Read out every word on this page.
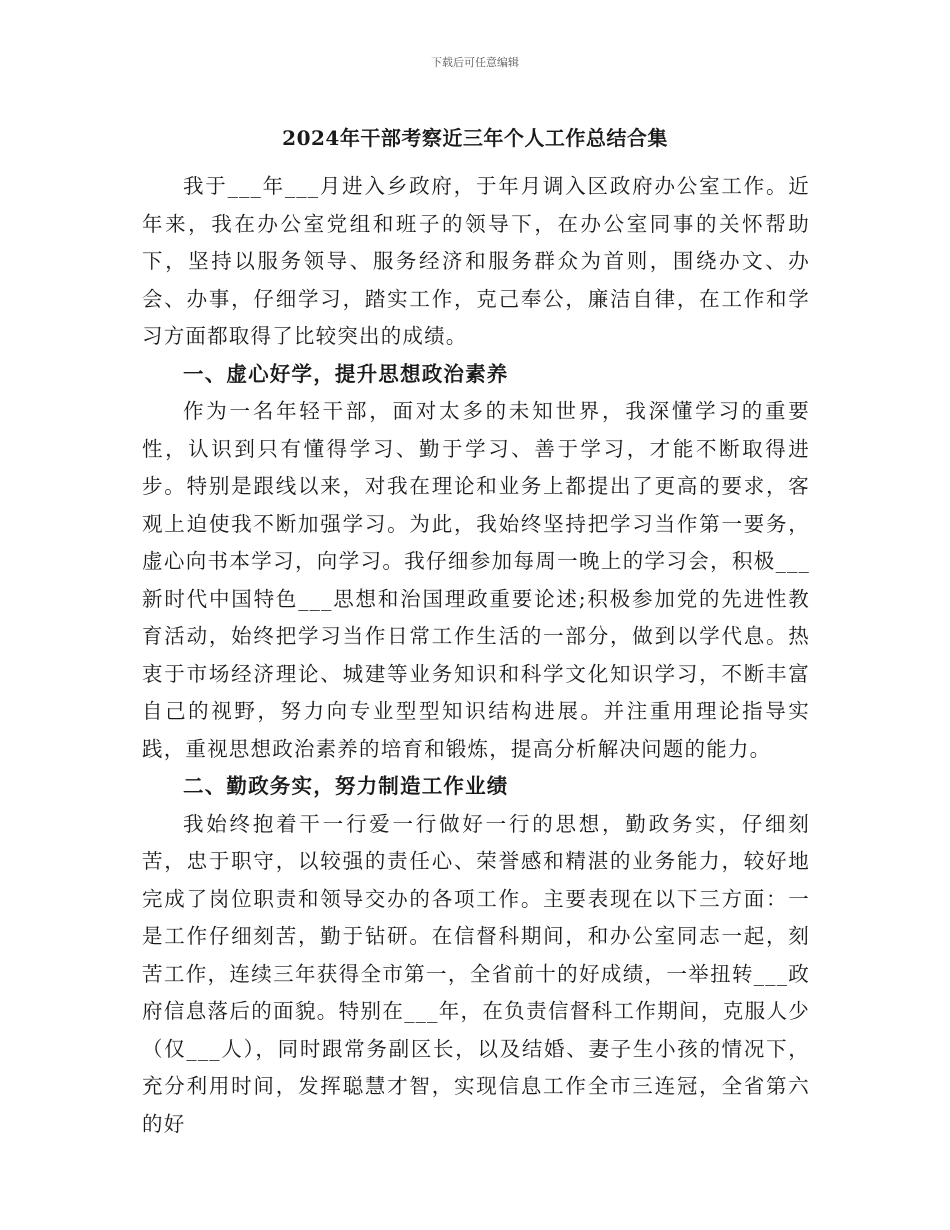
下载后可任意编辑
2024年干部考察近三年个人工作总结合集

我于___年___月进入乡政府，于年月调入区政府办公室工作。近年来，我在办公室党组和班子的领导下，在办公室同事的关怀帮助下，坚持以服务领导、服务经济和服务群众为首则，围绕办文、办会、办事，仔细学习，踏实工作，克己奉公，廉洁自律，在工作和学习方面都取得了比较突出的成绩。

一、虚心好学，提升思想政治素养

作为一名年轻干部，面对太多的未知世界，我深懂学习的重要性，认识到只有懂得学习、勤于学习、善于学习，才能不断取得进步。特别是跟线以来，对我在理论和业务上都提出了更高的要求，客观上迫使我不断加强学习。为此，我始终坚持把学习当作第一要务，虚心向书本学习，向学习。我仔细参加每周一晚上的学习会，积极___新时代中国特色___思想和治国理政重要论述;积极参加党的先进性教育活动，始终把学习当作日常工作生活的一部分，做到以学代息。热衷于市场经济理论、城建等业务知识和科学文化知识学习，不断丰富自己的视野，努力向专业型型知识结构进展。并注重用理论指导实践，重视思想政治素养的培育和锻炼，提高分析解决问题的能力。

二、勤政务实，努力制造工作业绩

我始终抱着干一行爱一行做好一行的思想，勤政务实，仔细刻苦，忠于职守，以较强的责任心、荣誉感和精湛的业务能力，较好地完成了岗位职责和领导交办的各项工作。主要表现在以下三方面：一是工作仔细刻苦，勤于钻研。在信督科期间，和办公室同志一起，刻苦工作，连续三年获得全市第一，全省前十的好成绩，一举扭转___政府信息落后的面貌。特别在___年，在负责信督科工作期间，克服人少（仅___人），同时跟常务副区长，以及结婚、妻子生小孩的情况下，充分利用时间，发挥聪慧才智，实现信息工作全市三连冠，全省第六的好
